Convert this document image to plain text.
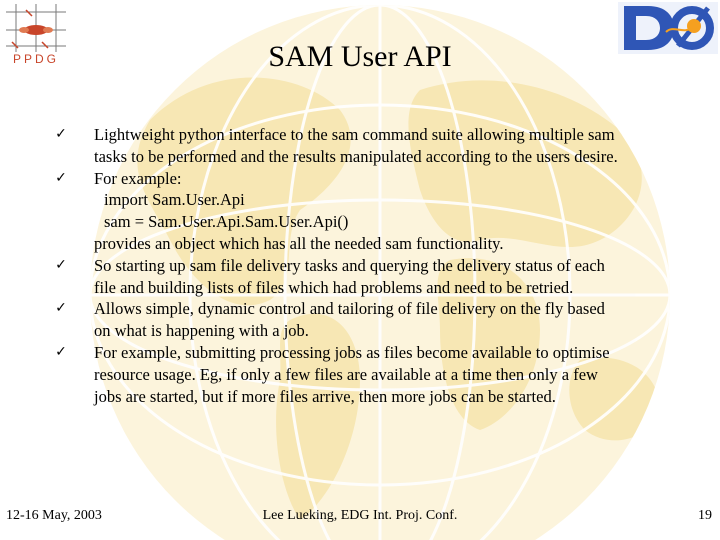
PPDG	SAM User API
✓ Lightweight python interface to the sam command suite allowing multiple sam
tasks to be performed and the results manipulated according to the users desire.
✓ For example:
import Sam.User.Api
sam = Sam.User.Api.Sam.User.Api()
provides an object which has all the needed sam functionality.
✓ So starting up sam file delivery tasks and querying the delivery status of each
file and building lists of files which had problems and need to be retried.
✓ Allows simple, dynamic control and tailoring of file delivery on the fly based
on what is happening with a job.
✓ For example, submitting processing jobs as files become available to optimise
resource usage. Eg, if only a few files are available at a time then only a few
jobs are started, but if more files arrive, then more jobs can be started.
12-16 May, 2003	Lee Lueking, EDG Int. Proj. Conf.	19
